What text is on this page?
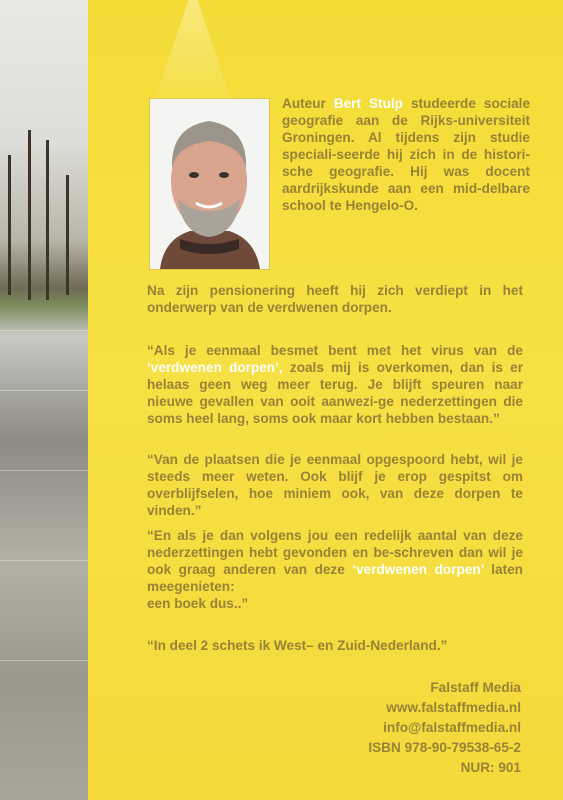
Auteur Bert Stulp studeerde sociale geografie aan de Rijks-universiteit Groningen. Al tijdens zijn studie speciali-seerde hij zich in de histori-sche geografie. Hij was docent aardrijkskunde aan een mid-delbare school te Hengelo-O.
Na zijn pensionering heeft hij zich verdiept in het onderwerp van de verdwenen dorpen.
“Als je eenmaal besmet bent met het virus van de ‘verdwenen dorpen’, zoals mij is overkomen, dan is er helaas geen weg meer terug. Je blijft speuren naar nieuwe gevallen van ooit aanwezi-ge nederzettingen die soms heel lang, soms ook maar kort hebben bestaan.”
“Van de plaatsen die je eenmaal opgespoord hebt, wil je steeds meer weten. Ook blijf je erop gespitst om overblijfselen, hoe miniem ook, van deze dorpen te vinden.”
“En als je dan volgens jou een redelijk aantal van deze nederzettingen hebt gevonden en be-schreven dan wil je ook graag anderen van deze ‘verdwenen dorpen’ laten meegenieten:
een boek dus..”
“In deel 2 schets ik West– en Zuid-Nederland.”
Falstaff Media
www.falstaffmedia.nl
info@falstaffmedia.nl
ISBN 978-90-79538-65-2
NUR: 901
